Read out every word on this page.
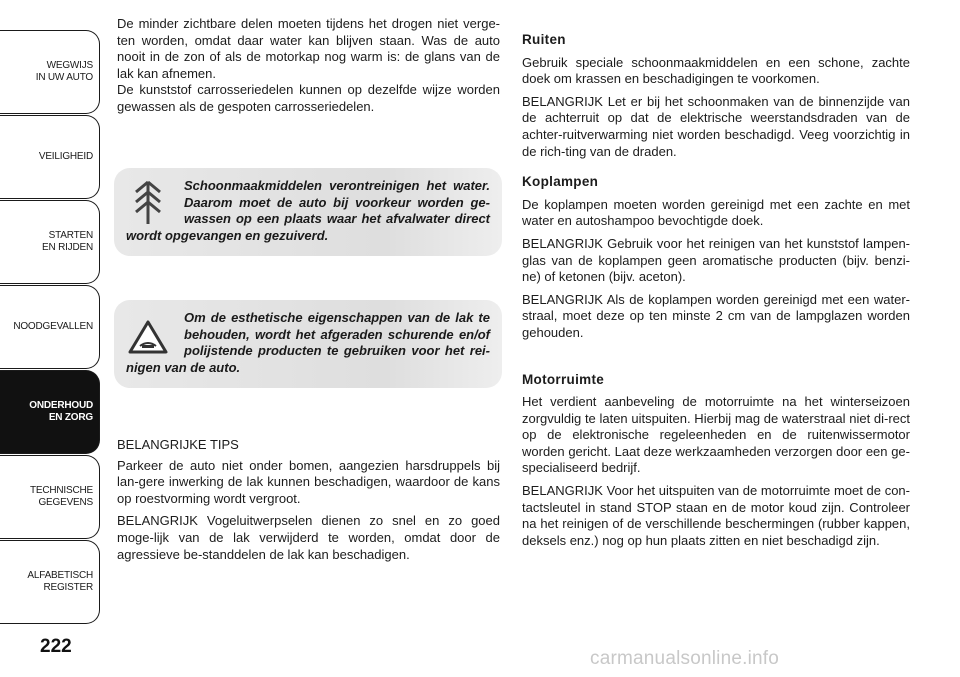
WEGWIJS
IN UW AUTO
VEILIGHEID
STARTEN
EN RIJDEN
NOODGEVALLEN
ONDERHOUD
EN ZORG
TECHNISCHE
GEGEVENS
ALFABETISCH
REGISTER
222

De minder zichtbare delen moeten tijdens het drogen niet verge-ten worden, omdat daar water kan blijven staan. Was de auto nooit in de zon of als de motorkap nog warm is: de glans van de lak kan afnemen.

De kunststof carrosseriedelen kunnen op dezelfde wijze worden gewassen als de gespoten carrosseriedelen.

Schoonmaakmiddelen verontreinigen het water. Daarom moet de auto bij voorkeur worden ge-wassen op een plaats waar het afvalwater direct wordt opgevangen en gezuiverd.

Om de esthetische eigenschappen van de lak te behouden, wordt het afgeraden schurende en/of polijstende producten te gebruiken voor het rei-nigen van de auto.

BELANGRIJKE TIPS

Parkeer de auto niet onder bomen, aangezien harsdruppels bij lan-gere inwerking de lak kunnen beschadigen, waardoor de kans op roestvorming wordt vergroot.

BELANGRIJK Vogeluitwerpselen dienen zo snel en zo goed moge-lijk van de lak verwijderd te worden, omdat door de agressieve be-standdelen de lak kan beschadigen.

Ruiten

Gebruik speciale schoonmaakmiddelen en een schone, zachte doek om krassen en beschadigingen te voorkomen.

BELANGRIJK Let er bij het schoonmaken van de binnenzijde van de achterruit op dat de elektrische weerstandsdraden van de achter-ruitverwarming niet worden beschadigd. Veeg voorzichtig in de rich-ting van de draden.

Koplampen

De koplampen moeten worden gereinigd met een zachte en met water en autoshampoo bevochtigde doek.

BELANGRIJK Gebruik voor het reinigen van het kunststof lampen-glas van de koplampen geen aromatische producten (bijv. benzi-ne) of ketonen (bijv. aceton).

BELANGRIJK Als de koplampen worden gereinigd met een water-straal, moet deze op ten minste 2 cm van de lampglazen worden gehouden.

Motorruimte

Het verdient aanbeveling de motorruimte na het winterseizoen zorgvuldig te laten uitspuiten. Hierbij mag de waterstraal niet di-rect op de elektronische regeleenheden en de ruitenwissermotor worden gericht. Laat deze werkzaamheden verzorgen door een ge-specialiseerd bedrijf.

BELANGRIJK Voor het uitspuiten van de motorruimte moet de con-tactsleutel in stand STOP staan en de motor koud zijn. Controleer na het reinigen of de verschillende beschermingen (rubber kappen, deksels enz.) nog op hun plaats zitten en niet beschadigd zijn.

carmanualsonline.info
